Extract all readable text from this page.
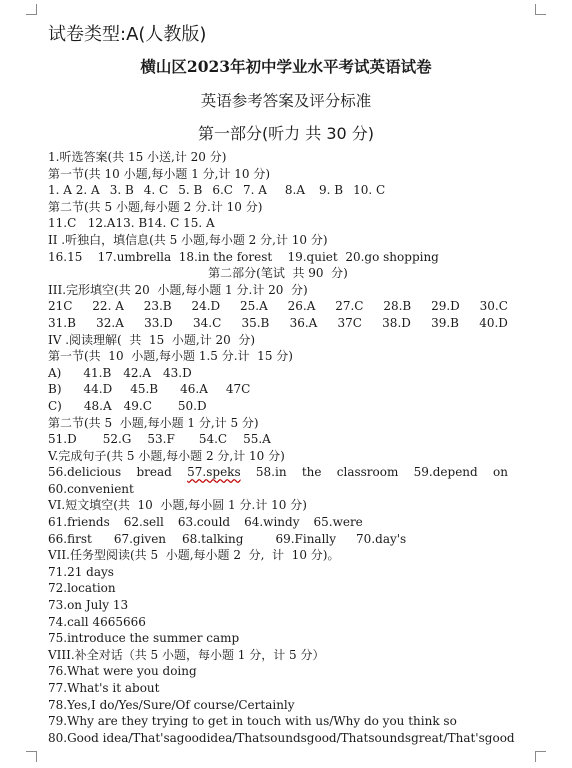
试卷类型:A(人教版)
横山区2023年初中学业水平考试英语试卷
英语参考答案及评分标准
第一部分(听力 共 30 分)
1.听选答案(共 15 小送,计 20 分)
第一节(共 10 小题,每小题 1 分,计 10 分)
1. A 2. A 3. B 4. C 5. B 6.C 7. A 8.A 9. B 10. C
第二节(共 5 小题,每小题 2 分.计 10 分)
11.C   12.A13. B14. C 15. A
II .听独白，填信息(共 5 小题,每小题 2 分,计 10 分)
16.15    17.umbrella  18.in the forest    19.quiet  20.go shopping
第二部分(笔试  共 90  分)
III.完形填空(共 20  小题,每小题 1 分.计 20  分)
21C 22. A 23.B 24.D 25.A 26.A 27.C 28.B 29.D 30.C
31.B 32.A 33.D 34.C 35.B 36.A 37C 38.D 39.B 40.D
IV .阅读理解(  共  15  小题,计 20  分)
第一节(共  10  小题,每小题 1.5 分.计  15 分)
A) 41.B 42.A 43.D
B) 44.D 45.B 46.A 47C
C) 48.A 49.C 50.D
第二节(共 5  小题,每小题 1 分,计 5 分)
51.D 52.G 53.F 54.C 55.A
V.完成句子(共 5 小题,每小题 2 分,计 10 分)
56.delicious bread 57.speks 58.in the classroom 59.depend on
60.convenient
VI.短文填空(共  10  小题,每小圆 1 分.计 10 分)
61.friends 62.sell 63.could 64.windy 65.were
66.first 67.given 68.talking	69.Finally 70.day's
VII.任务型阅读(共 5  小题,每小题 2  分,  计  10 分)。
71.21 days
72.location
73.on July 13
74.call 4665666
75.introduce the summer camp
VIII.补全对话（共 5 小题，每小题 1 分，计 5 分）
76.What were you doing
77.What's it about
78.Yes,I do/Yes/Sure/Of course/Certainly
79.Why are they trying to get in touch with us/Why do you think so
80.Good idea/That's a good idea/That sounds good/That sounds great/That's good
